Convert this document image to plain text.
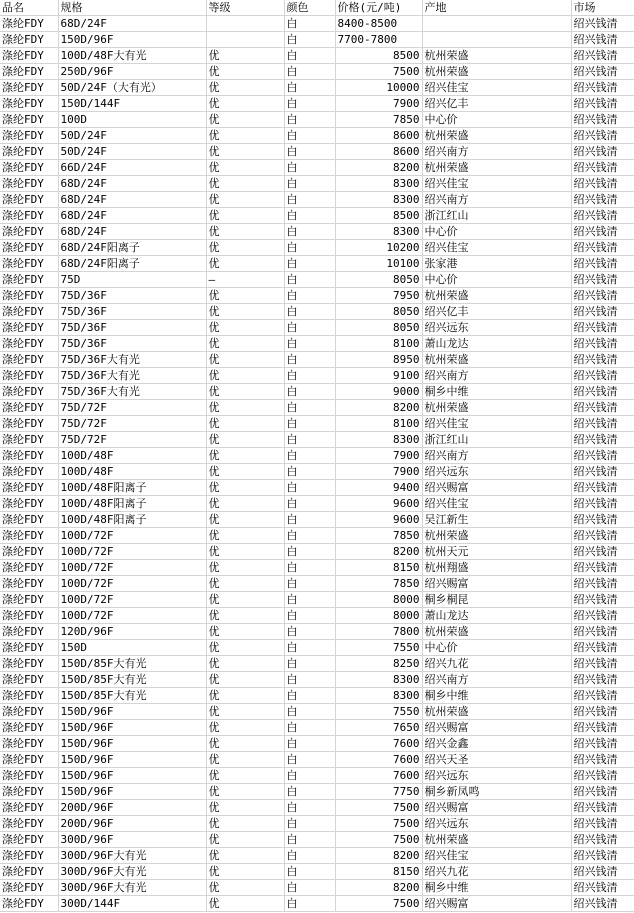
品名	规格	等级	颜色	价格(元/吨)	产地	市场
涤纶FDY	68D/24F		白	8400-8500		绍兴钱清
涤纶FDY	150D/96F		白	7700-7800		绍兴钱清
涤纶FDY	100D/48F大有光	优	白	8500	杭州荣盛	绍兴钱清
涤纶FDY	250D/96F	优	白	7500	杭州荣盛	绍兴钱清
涤纶FDY	50D/24F（大有光）	优	白	10000	绍兴佳宝	绍兴钱清
涤纶FDY	150D/144F	优	白	7900	绍兴亿丰	绍兴钱清
涤纶FDY	100D	优	白	7850	中心价	绍兴钱清
涤纶FDY	50D/24F	优	白	8600	杭州荣盛	绍兴钱清
涤纶FDY	50D/24F	优	白	8600	绍兴南方	绍兴钱清
涤纶FDY	66D/24F	优	白	8200	杭州荣盛	绍兴钱清
涤纶FDY	68D/24F	优	白	8300	绍兴佳宝	绍兴钱清
涤纶FDY	68D/24F	优	白	8300	绍兴南方	绍兴钱清
涤纶FDY	68D/24F	优	白	8500	浙江红山	绍兴钱清
涤纶FDY	68D/24F	优	白	8300	中心价	绍兴钱清
涤纶FDY	68D/24F阳离子	优	白	10200	绍兴佳宝	绍兴钱清
涤纶FDY	68D/24F阳离子	优	白	10100	张家港	绍兴钱清
涤纶FDY	75D	—	白	8050	中心价	绍兴钱清
涤纶FDY	75D/36F	优	白	7950	杭州荣盛	绍兴钱清
涤纶FDY	75D/36F	优	白	8050	绍兴亿丰	绍兴钱清
涤纶FDY	75D/36F	优	白	8050	绍兴远东	绍兴钱清
涤纶FDY	75D/36F	优	白	8100	萧山龙达	绍兴钱清
涤纶FDY	75D/36F大有光	优	白	8950	杭州荣盛	绍兴钱清
涤纶FDY	75D/36F大有光	优	白	9100	绍兴南方	绍兴钱清
涤纶FDY	75D/36F大有光	优	白	9000	桐乡中维	绍兴钱清
涤纶FDY	75D/72F	优	白	8200	杭州荣盛	绍兴钱清
涤纶FDY	75D/72F	优	白	8100	绍兴佳宝	绍兴钱清
涤纶FDY	75D/72F	优	白	8300	浙江红山	绍兴钱清
涤纶FDY	100D/48F	优	白	7900	绍兴南方	绍兴钱清
涤纶FDY	100D/48F	优	白	7900	绍兴远东	绍兴钱清
涤纶FDY	100D/48F阳离子	优	白	9400	绍兴赐富	绍兴钱清
涤纶FDY	100D/48F阳离子	优	白	9600	绍兴佳宝	绍兴钱清
涤纶FDY	100D/48F阳离子	优	白	9600	吴江新生	绍兴钱清
涤纶FDY	100D/72F	优	白	7850	杭州荣盛	绍兴钱清
涤纶FDY	100D/72F	优	白	8200	杭州天元	绍兴钱清
涤纶FDY	100D/72F	优	白	8150	杭州翔盛	绍兴钱清
涤纶FDY	100D/72F	优	白	7850	绍兴赐富	绍兴钱清
涤纶FDY	100D/72F	优	白	8000	桐乡桐昆	绍兴钱清
涤纶FDY	100D/72F	优	白	8000	萧山龙达	绍兴钱清
涤纶FDY	120D/96F	优	白	7800	杭州荣盛	绍兴钱清
涤纶FDY	150D	优	白	7550	中心价	绍兴钱清
涤纶FDY	150D/85F大有光	优	白	8250	绍兴九花	绍兴钱清
涤纶FDY	150D/85F大有光	优	白	8300	绍兴南方	绍兴钱清
涤纶FDY	150D/85F大有光	优	白	8300	桐乡中维	绍兴钱清
涤纶FDY	150D/96F	优	白	7550	杭州荣盛	绍兴钱清
涤纶FDY	150D/96F	优	白	7650	绍兴赐富	绍兴钱清
涤纶FDY	150D/96F	优	白	7600	绍兴金鑫	绍兴钱清
涤纶FDY	150D/96F	优	白	7600	绍兴天圣	绍兴钱清
涤纶FDY	150D/96F	优	白	7600	绍兴远东	绍兴钱清
涤纶FDY	150D/96F	优	白	7750	桐乡新凤鸣	绍兴钱清
涤纶FDY	200D/96F	优	白	7500	绍兴赐富	绍兴钱清
涤纶FDY	200D/96F	优	白	7500	绍兴远东	绍兴钱清
涤纶FDY	300D/96F	优	白	7500	杭州荣盛	绍兴钱清
涤纶FDY	300D/96F大有光	优	白	8200	绍兴佳宝	绍兴钱清
涤纶FDY	300D/96F大有光	优	白	8150	绍兴九花	绍兴钱清
涤纶FDY	300D/96F大有光	优	白	8200	桐乡中维	绍兴钱清
涤纶FDY	300D/144F	优	白	7500	绍兴赐富	绍兴钱清
